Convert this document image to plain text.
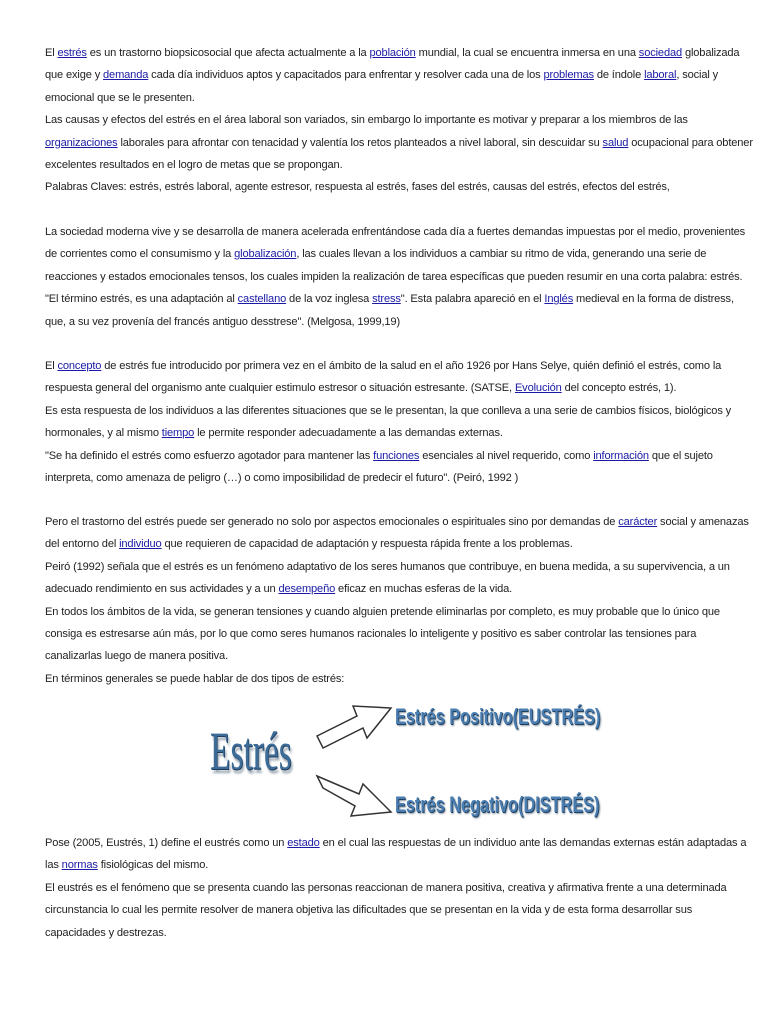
El estrés es un trastorno biopsicosocial que afecta actualmente a la población mundial, la cual se encuentra inmersa en una sociedad globalizada
que exige y demanda cada día individuos aptos y capacitados para enfrentar y resolver cada una de los problemas de índole laboral, social y
emocional que se le presenten.
Las causas y efectos del estrés en el área laboral son variados, sin embargo lo importante es motivar y preparar a los miembros de las
organizaciones laborales para afrontar con tenacidad y valentía los retos planteados a nivel laboral, sin descuidar su salud ocupacional para obtener
excelentes resultados en el logro de metas que se propongan.
Palabras Claves: estrés, estrés laboral, agente estresor, respuesta al estrés, fases del estrés, causas del estrés, efectos del estrés,
La sociedad moderna vive y se desarrolla de manera acelerada enfrentándose cada día a fuertes demandas impuestas por el medio, provenientes
de corrientes como el consumismo y la globalización, las cuales llevan a los individuos a cambiar su ritmo de vida, generando una serie de
reacciones y estados emocionales tensos, los cuales impiden la realización de tarea específicas que pueden resumir en una corta palabra: estrés.
"El término estrés, es una adaptación al castellano de la voz inglesa stress". Esta palabra apareció en el Inglés medieval en la forma de distress,
que, a su vez provenía del francés antiguo desstrese". (Melgosa, 1999,19)
El concepto de estrés fue introducido por primera vez en el ámbito de la salud en el año 1926 por Hans Selye, quién definió el estrés, como la
respuesta general del organismo ante cualquier estimulo estresor o situación estresante. (SATSE, Evolución del concepto estrés, 1).
Es esta respuesta de los individuos a las diferentes situaciones que se le presentan, la que conlleva a una serie de cambios físicos, biológicos y
hormonales, y al mismo tiempo le permite responder adecuadamente a las demandas externas.
"Se ha definido el estrés como esfuerzo agotador para mantener las funciones esenciales al nivel requerido, como información que el sujeto
interpreta, como amenaza de peligro (…) o como imposibilidad de predecir el futuro". (Peiró, 1992 )
Pero el trastorno del estrés puede ser generado no solo por aspectos emocionales o espirituales sino por demandas de carácter social y amenazas
del entorno del individuo que requieren de capacidad de adaptación y respuesta rápida frente a los problemas.
Peiró (1992) señala que el estrés es un fenómeno adaptativo de los seres humanos que contribuye, en buena medida, a su supervivencia, a un
adecuado rendimiento en sus actividades y a un desempeño eficaz en muchas esferas de la vida.
En todos los ámbitos de la vida, se generan tensiones y cuando alguien pretende eliminarlas por completo, es muy probable que lo único que
consiga es estresarse aún más, por lo que como seres humanos racionales lo inteligente y positivo es saber controlar las tensiones para
canalizarlas luego de manera positiva.
En términos generales se puede hablar de dos tipos de estrés:
Estrés
Estrés Positivo(EUSTRÉS)
Estrés Negativo(DISTRÉS)
Pose (2005, Eustrés, 1) define el eustrés como un estado en el cual las respuestas de un individuo ante las demandas externas están adaptadas a
las normas fisiológicas del mismo.
El eustrés es el fenómeno que se presenta cuando las personas reaccionan de manera positiva, creativa y afirmativa frente a una determinada
circunstancia lo cual les permite resolver de manera objetiva las dificultades que se presentan en la vida y de esta forma desarrollar sus
capacidades y destrezas.
